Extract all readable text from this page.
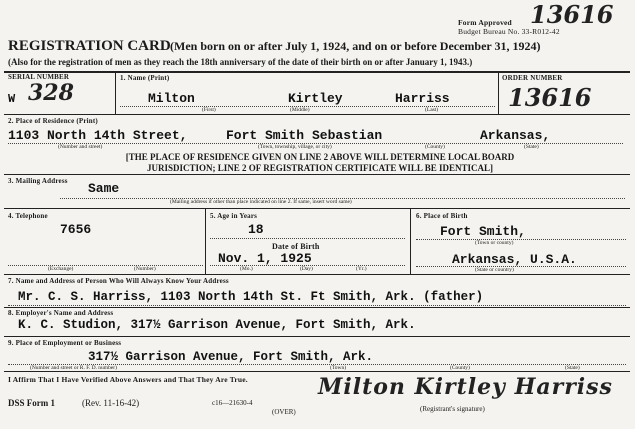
13616
Form Approved
Budget Bureau No. 33-R012-42
REGISTRATION CARD (Men born on or after July 1, 1924, and on or before December 31, 1924)
(Also for the registration of men as they reach the 18th anniversary of the date of their birth on or after January 1, 1943.)
SERIAL NUMBER
W 328
1. Name (Print)
Milton	Kirtley	Harriss
(First)	(Middle)	(Last)
ORDER NUMBER
13616
2. Place of Residence (Print)
1103 North 14th Street,	Fort Smith Sebastian	Arkansas,
(Number and street)	(Town, township, village, or city)	(County)	(State)
[THE PLACE OF RESIDENCE GIVEN ON LINE 2 ABOVE WILL DETERMINE LOCAL BOARD
JURISDICTION; LINE 2 OF REGISTRATION CERTIFICATE WILL BE IDENTICAL]
3. Mailing Address Same
(Mailing address if other than place indicated on line 2. If same, insert word same)
4. Telephone
7656
(Exchange)	(Number)
5. Age in Years
18
Date of Birth
Nov. 1, 1925
(Mo.)	(Day)	(Yr.)
6. Place of Birth
Fort Smith,
(Town or county)
Arkansas, U.S.A.
(State or country)
7. Name and Address of Person Who Will Always Know Your Address
Mr. C. S. Harriss, 1103 North 14th St. Ft Smith, Ark. (father)
8. Employer's Name and Address
K. C. Studion, 317½ Garrison Avenue, Fort Smith, Ark.
9. Place of Employment or Business
317½ Garrison Avenue, Fort Smith, Ark.
(Number and street or R. F. D. number)	(Town)	(County)	(State)
I Affirm That I Have Verified Above Answers and That They Are True.	Milton Kirtley Harriss
(Registrant's signature)
DSS Form 1	(Rev. 11-16-42)	c16—21630-4
(OVER)
